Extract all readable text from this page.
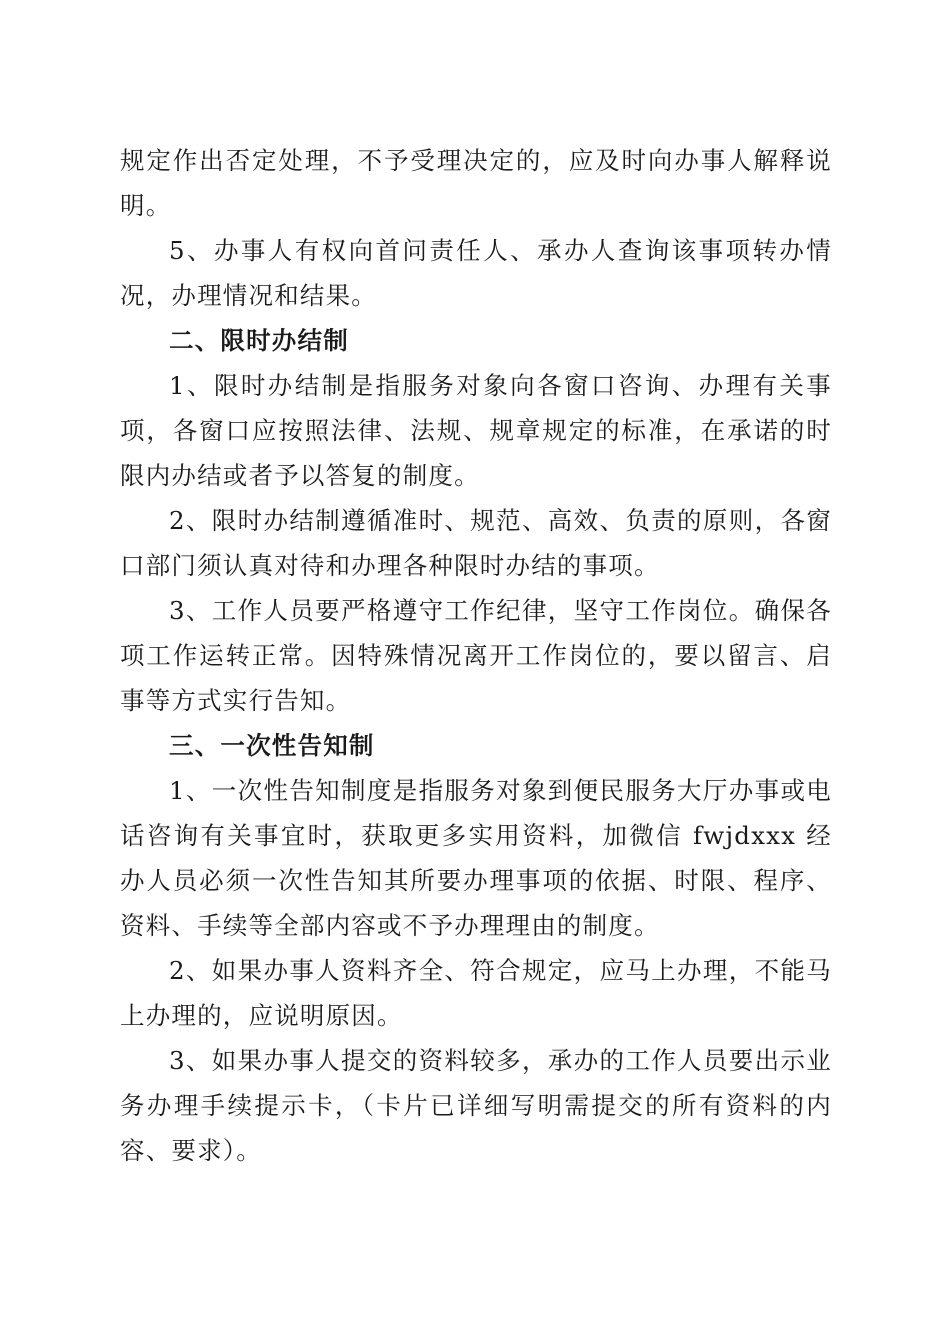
规定作出否定处理，不予受理决定的，应及时向办事人解释说明。

5、办事人有权向首问责任人、承办人查询该事项转办情况，办理情况和结果。

二、限时办结制

1、限时办结制是指服务对象向各窗口咨询、办理有关事项，各窗口应按照法律、法规、规章规定的标准，在承诺的时限内办结或者予以答复的制度。

2、限时办结制遵循准时、规范、高效、负责的原则，各窗口部门须认真对待和办理各种限时办结的事项。

3、工作人员要严格遵守工作纪律，坚守工作岗位。确保各项工作运转正常。因特殊情况离开工作岗位的，要以留言、启事等方式实行告知。

三、一次性告知制

1、一次性告知制度是指服务对象到便民服务大厅办事或电话咨询有关事宜时，获取更多实用资料，加微信 fwjdxxx 经办人员必须一次性告知其所要办理事项的依据、时限、程序、资料、手续等全部内容或不予办理理由的制度。

2、如果办事人资料齐全、符合规定，应马上办理，不能马上办理的，应说明原因。

3、如果办事人提交的资料较多，承办的工作人员要出示业务办理手续提示卡，（卡片已详细写明需提交的所有资料的内容、要求）。
